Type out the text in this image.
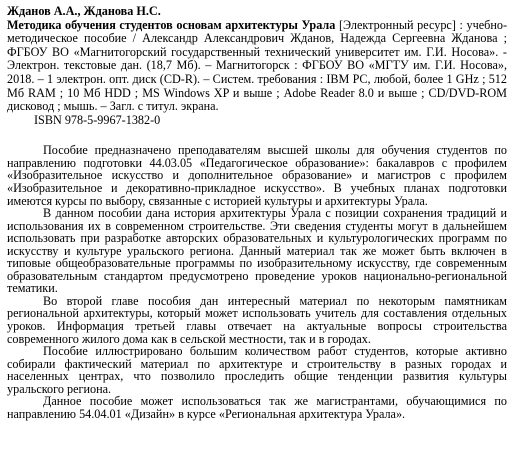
Жданов А.А., Жданова Н.С.
Методика обучения студентов основам архитектуры Урала [Электронный ресурс] : учебно-методическое пособие / Александр Александрович Жданов, Надежда Сергеевна Жданова ; ФГБОУ ВО «Магнитогорский государственный технический университет им. Г.И. Носова». - Электрон. текстовые дан. (18,7 Мб). – Магнитогорск : ФГБОУ ВО «МГТУ им. Г.И. Носова», 2018. – 1 электрон. опт. диск (CD-R). – Систем. требования : IBM PC, любой, более 1 GHz ; 512 Мб RAM ; 10 Мб HDD ; MS Windows XP и выше ; Adobe Reader 8.0 и выше ; CD/DVD-ROM дисковод ; мышь. – Загл. с титул. экрана.
ISBN 978-5-9967-1382-0

Пособие предназначено преподавателям высшей школы для обучения студентов по направлению подготовки 44.03.05 «Педагогическое образование»: бакалавров с профилем «Изобразительное искусство и дополнительное образование» и магистров с профилем «Изобразительное и декоративно-прикладное искусство». В учебных планах подготовки имеются курсы по выбору, связанные с историей культуры и архитектуры Урала.

В данном пособии дана история архитектуры Урала с позиции сохранения традиций и использования их в современном строительстве. Эти сведения студенты могут в дальнейшем использовать при разработке авторских образовательных и культурологических программ по искусству и культуре уральского региона. Данный материал так же может быть включен в типовые общеобразовательные программы по изобразительному искусству, где современным образовательным стандартом предусмотрено проведение уроков национально-региональной тематики.

Во второй главе пособия дан интересный материал по некоторым памятникам региональной архитектуры, который может использовать учитель для составления отдельных уроков. Информация третьей главы отвечает на актуальные вопросы строительства современного жилого дома как в сельской местности, так и в городах.

Пособие иллюстрировано большим количеством работ студентов, которые активно собирали фактический материал по архитектуре и строительству в разных городах и населенных центрах, что позволило проследить общие тенденции развития культуры уральского региона.

Данное пособие может использоваться так же магистрантами, обучающимися по направлению 54.04.01 «Дизайн» в курсе «Региональная архитектура Урала».
